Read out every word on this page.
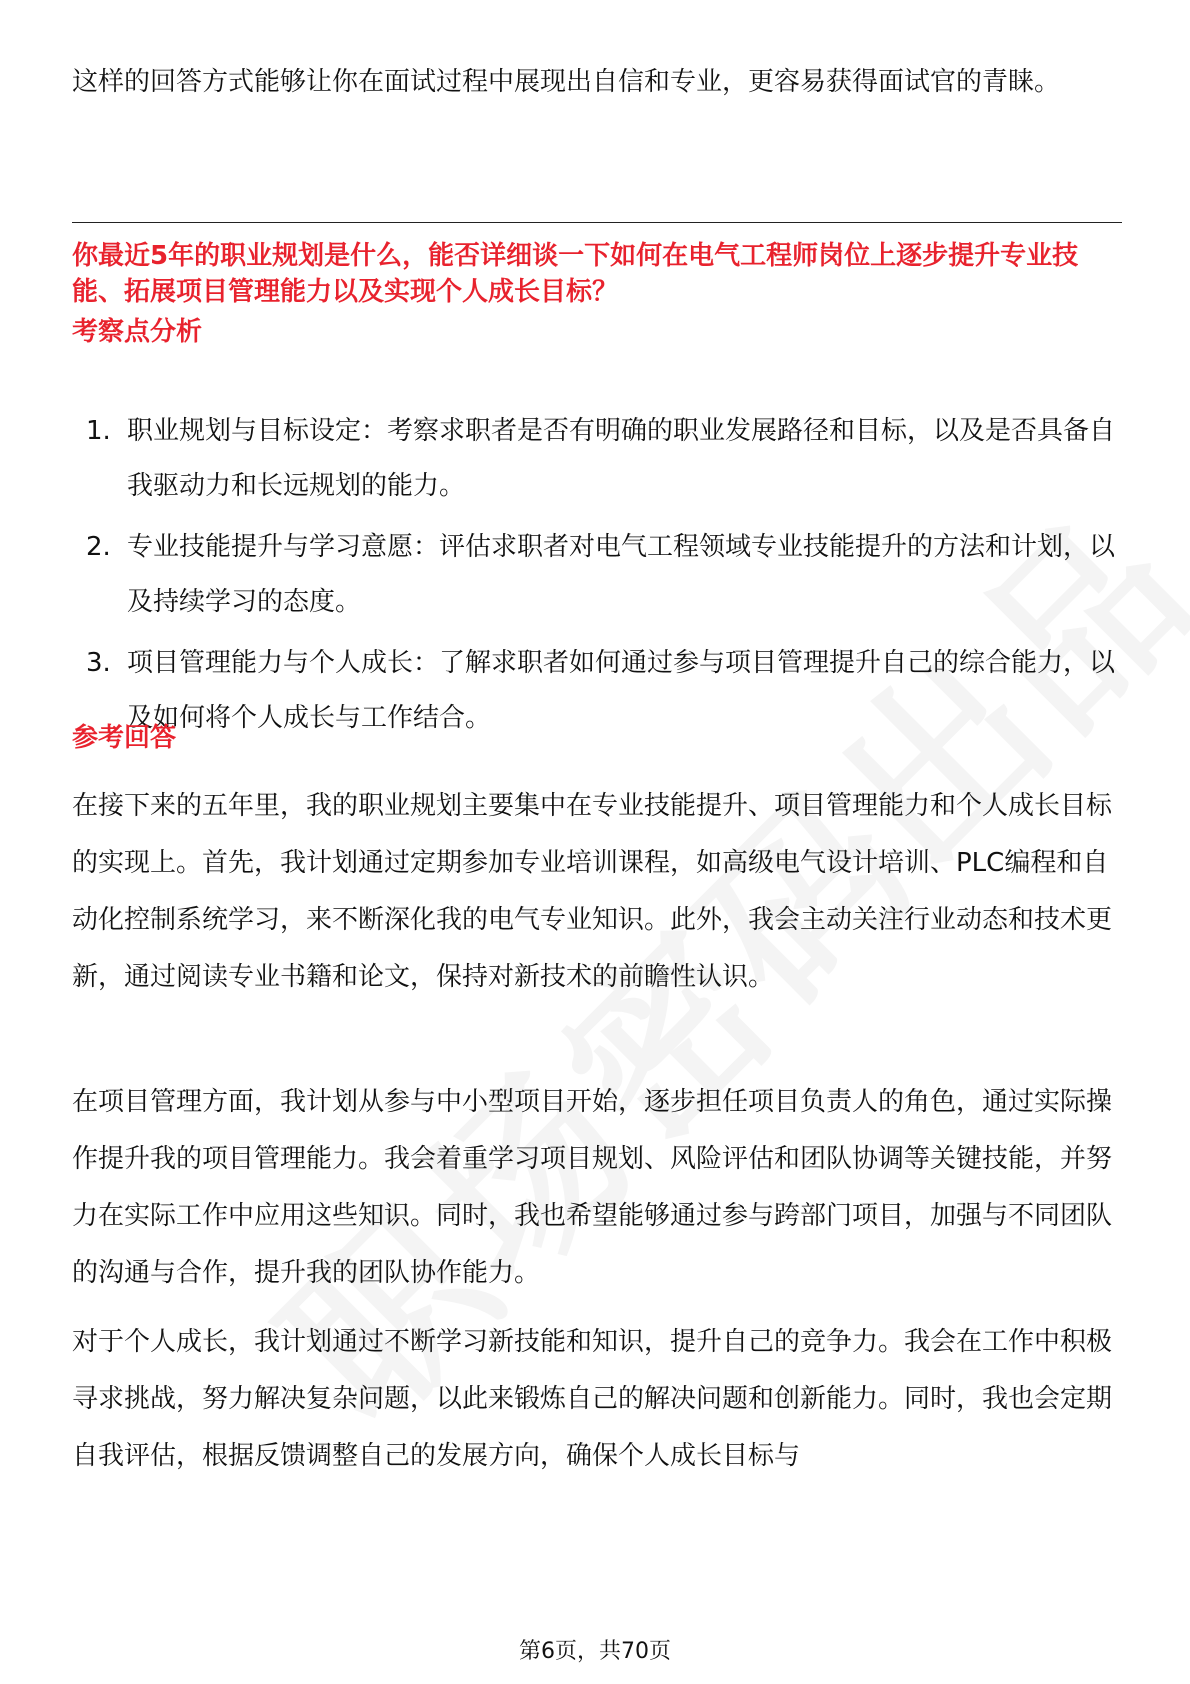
这样的回答方式能够让你在面试过程中展现出自信和专业，更容易获得面试官的青睐。

你最近5年的职业规划是什么，能否详细谈一下如何在电气工程师岗位上逐步提升专业技能、拓展项目管理能力以及实现个人成长目标？

考察点分析

1. 职业规划与目标设定：考察求职者是否有明确的职业发展路径和目标，以及是否具备自我驱动力和长远规划的能力。
2. 专业技能提升与学习意愿：评估求职者对电气工程领域专业技能提升的方法和计划，以及持续学习的态度。
3. 项目管理能力与个人成长：了解求职者如何通过参与项目管理提升自己的综合能力，以及如何将个人成长与工作结合。

参考回答

在接下来的五年里，我的职业规划主要集中在专业技能提升、项目管理能力和个人成长目标的实现上。首先，我计划通过定期参加专业培训课程，如高级电气设计培训、PLC编程和自动化控制系统学习，来不断深化我的电气专业知识。此外，我会主动关注行业动态和技术更新，通过阅读专业书籍和论文，保持对新技术的前瞻性认识。

在项目管理方面，我计划从参与中小型项目开始，逐步担任项目负责人的角色，通过实际操作提升我的项目管理能力。我会着重学习项目规划、风险评估和团队协调等关键技能，并努力在实际工作中应用这些知识。同时，我也希望能够通过参与跨部门项目，加强与不同团队的沟通与合作，提升我的团队协作能力。

对于个人成长，我计划通过不断学习新技能和知识，提升自己的竞争力。我会在工作中积极寻求挑战，努力解决复杂问题，以此来锻炼自己的解决问题和创新能力。同时，我也会定期自我评估，根据反馈调整自己的发展方向，确保个人成长目标与

第6页，共70页
